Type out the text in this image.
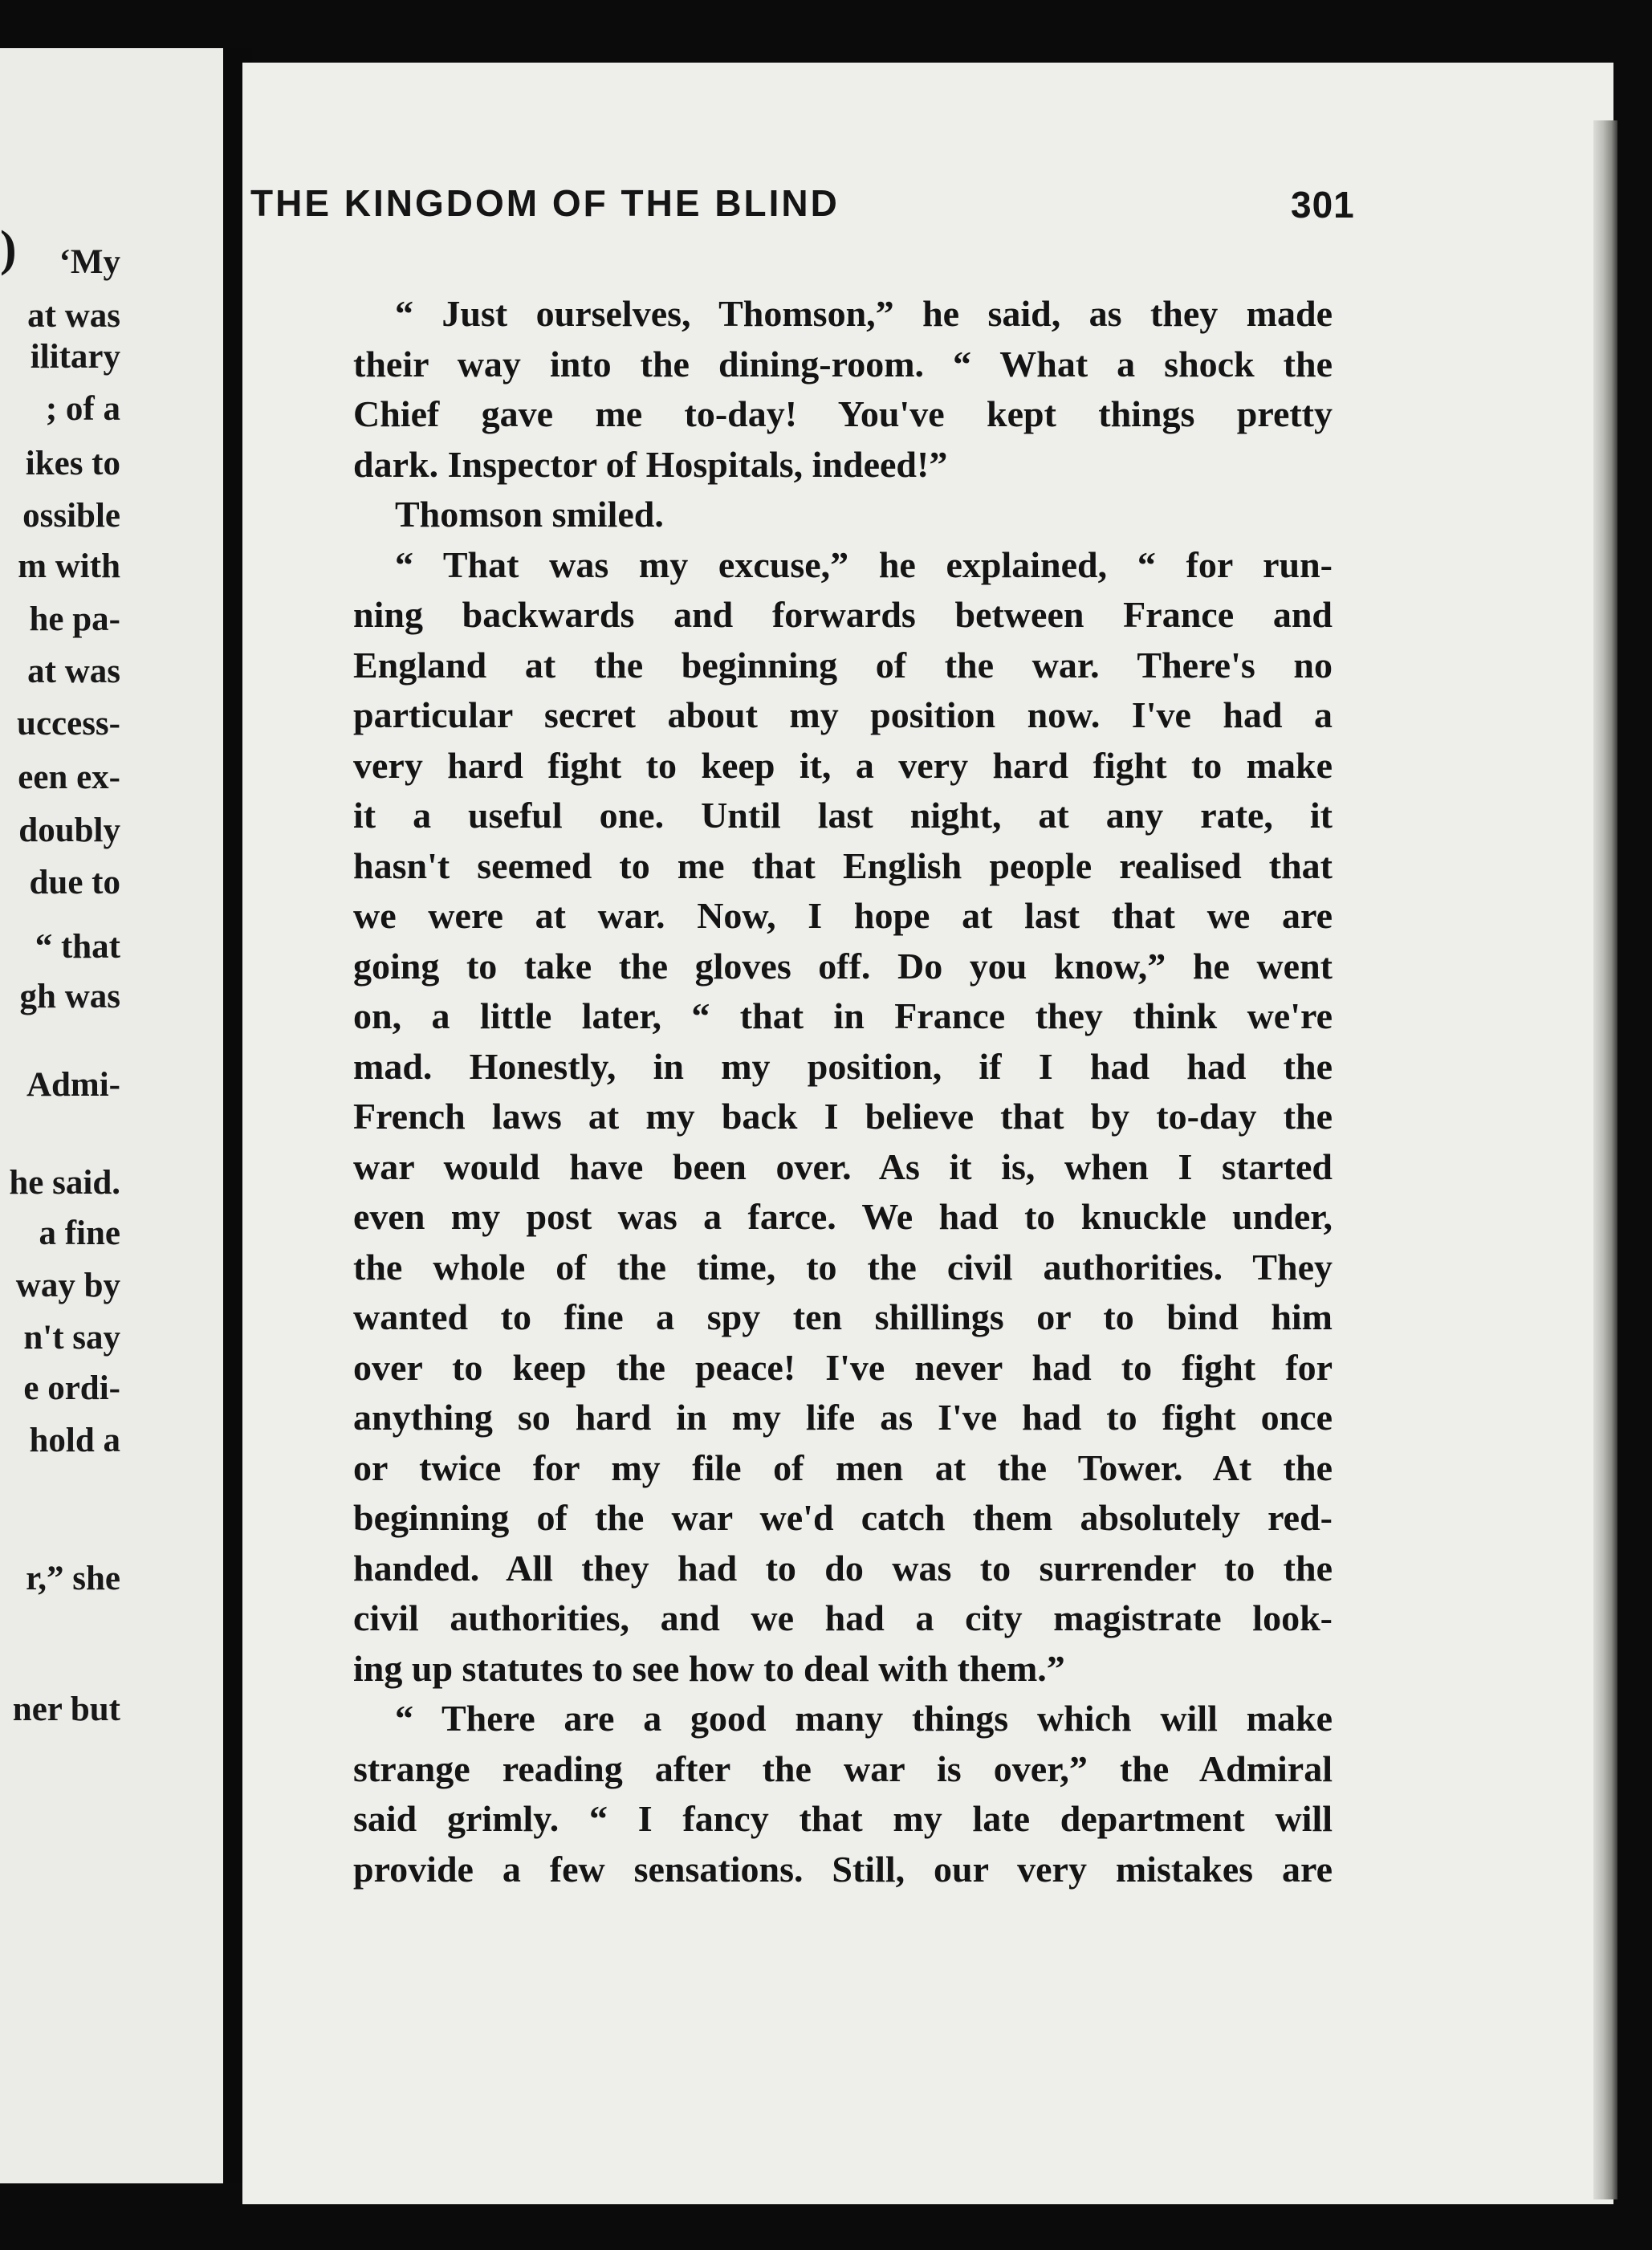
) ‘My
at was
ilitary
; of a
ikes to
ossible
m with
he pa-
at was
uccess-
een ex-
doubly
due to
“ that
gh was
Admi-
he said.
a fine
way by
n't say
e ordi-
hold a
r,” she
ner but
THE KINGDOM OF THE BLIND	301
“ Just ourselves, Thomson,” he said, as they made
their way into the dining-room. “ What a shock the
Chief gave me to-day! You've kept things pretty
dark. Inspector of Hospitals, indeed!”
Thomson smiled.
“ That was my excuse,” he explained, “ for run-
ning backwards and forwards between France and
England at the beginning of the war. There's no
particular secret about my position now. I've had a
very hard fight to keep it, a very hard fight to make
it a useful one. Until last night, at any rate, it
hasn't seemed to me that English people realised that
we were at war. Now, I hope at last that we are
going to take the gloves off. Do you know,” he went
on, a little later, “ that in France they think we're
mad. Honestly, in my position, if I had had the
French laws at my back I believe that by to-day the
war would have been over. As it is, when I started
even my post was a farce. We had to knuckle under,
the whole of the time, to the civil authorities. They
wanted to fine a spy ten shillings or to bind him
over to keep the peace! I've never had to fight for
anything so hard in my life as I've had to fight once
or twice for my file of men at the Tower. At the
beginning of the war we'd catch them absolutely red-
handed. All they had to do was to surrender to the
civil authorities, and we had a city magistrate look-
ing up statutes to see how to deal with them.”
“ There are a good many things which will make
strange reading after the war is over,” the Admiral
said grimly. “ I fancy that my late department will
provide a few sensations. Still, our very mistakes are
